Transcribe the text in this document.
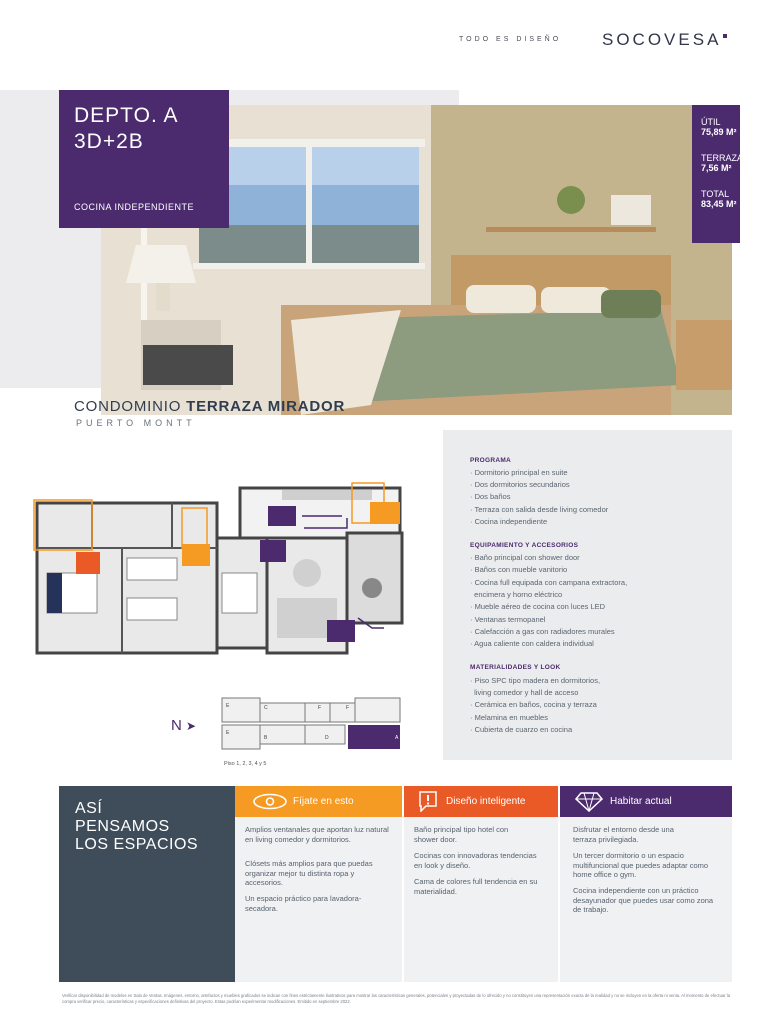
TODO ES DISEÑO SOCOVESA
DEPTO. A
3D+2B
COCINA INDEPENDIENTE
ÚTIL
75,89 M²
TERRAZA
7,56 M²
TOTAL
83,45 M²
CONDOMINIO TERRAZA MIRADOR
PUERTO MONTT
E	C	F	F
E
B	D	A
N ➤
Piso 1, 2, 3, 4 y 5
PROGRAMA
· Dormitorio principal en suite
· Dos dormitorios secundarios
· Dos baños
· Terraza con salida desde living comedor
· Cocina independiente
EQUIPAMIENTO Y ACCESORIOS
· Baño principal con shower door
· Baños con mueble vanitorio
· Cocina full equipada con campana extractora,
encimera y horno eléctrico
· Mueble aéreo de cocina con luces LED
· Ventanas termopanel
· Calefacción a gas con radiadores murales
· Agua caliente con caldera individual
MATERIALIDADES Y LOOK
· Piso SPC tipo madera en dormitorios,
living comedor y hall de acceso
· Cerámica en baños, cocina y terraza
· Melamina en muebles
· Cubierta de cuarzo en cocina
ASÍ
PENSAMOS
LOS ESPACIOS
Fíjate en esto

Amplios ventanales que aportan luz natural en living comedor y dormitorios.

Clósets más amplios para que puedas organizar mejor tu distinta ropa y accesorios.

Un espacio práctico para lavadora-secadora.

Diseño inteligente

Baño principal tipo hotel con shower door.

Cocinas con innovadoras tendencias en look y diseño.

Cama de colores full tendencia en su materialidad.

Habitar actual

Disfrutar el entorno desde una terraza privilegiada.

Un tercer dormitorio o un espacio multifuncional que puedes adaptar como home office o gym.

Cocina independiente con un práctico desayunador que puedes usar como zona de trabajo.

Verificar disponibilidad de modelos en Sala de Ventas. Imágenes, entorno, artefactos y muebles graficados se indican con fines estrictamente ilustrativos para mostrar las características generales, potenciales y proyectadas de lo ofrecido y no constituyen una representación exacta de la realidad y no se incluyen en la oferta ni venta. Al momento de efectuar la compra verificar precio, características y especificaciones definitivas del proyecto. Estas podrían experimentar modificaciones. Emitido en septiembre 2022.
